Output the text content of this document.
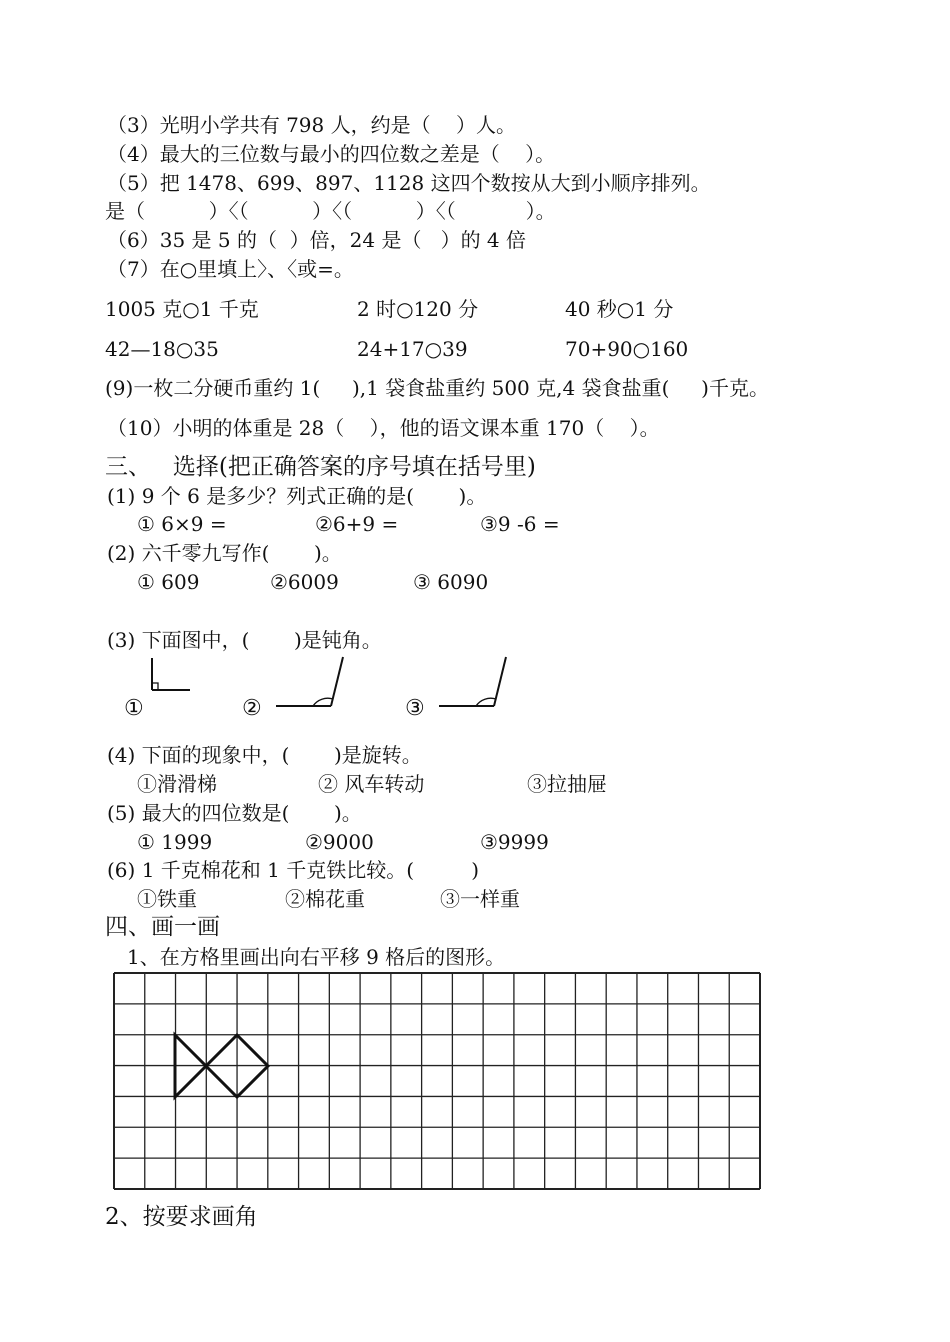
（3）光明小学共有 798 人，约是（    ）人。
（4）最大的三位数与最小的四位数之差是（    ）。
（5）把 1478、699、897、1128 这四个数按从大到小顺序排列。
是（          ）〈（          ）〈（          ）〈（           ）。
（6）35 是 5 的（  ）倍，24 是（   ）的 4 倍
（7）在○里填上〉、〈或=。
1005 克○1 千克	2 时○120 分	40 秒○1 分
42—18○35	24+17○39	70+90○160
(9)一枚二分硬币重约 1(     ),1 袋食盐重约 500 克,4 袋食盐重(     )千克。
（10）小明的体重是 28（    ），他的语文课本重 170（    ）。
三、   选择(把正确答案的序号填在括号里)
(1) 9 个 6 是多少？列式正确的是(       )。
① 6×9 =	②6+9 =	③9 -6 =
(2) 六千零九写作(       )。
① 609	②6009	③ 6090
(3) 下面图中，(       )是钝角。
①	②	③
(4) 下面的现象中，(       )是旋转。
①滑滑梯	② 风车转动	③拉抽屉
(5) 最大的四位数是(       )。
① 1999	②9000	③9999
(6) 1 千克棉花和 1 千克铁比较。(         )
①铁重	②棉花重	③一样重
四、画一画
1、在方格里画出向右平移 9 格后的图形。
2、按要求画角
